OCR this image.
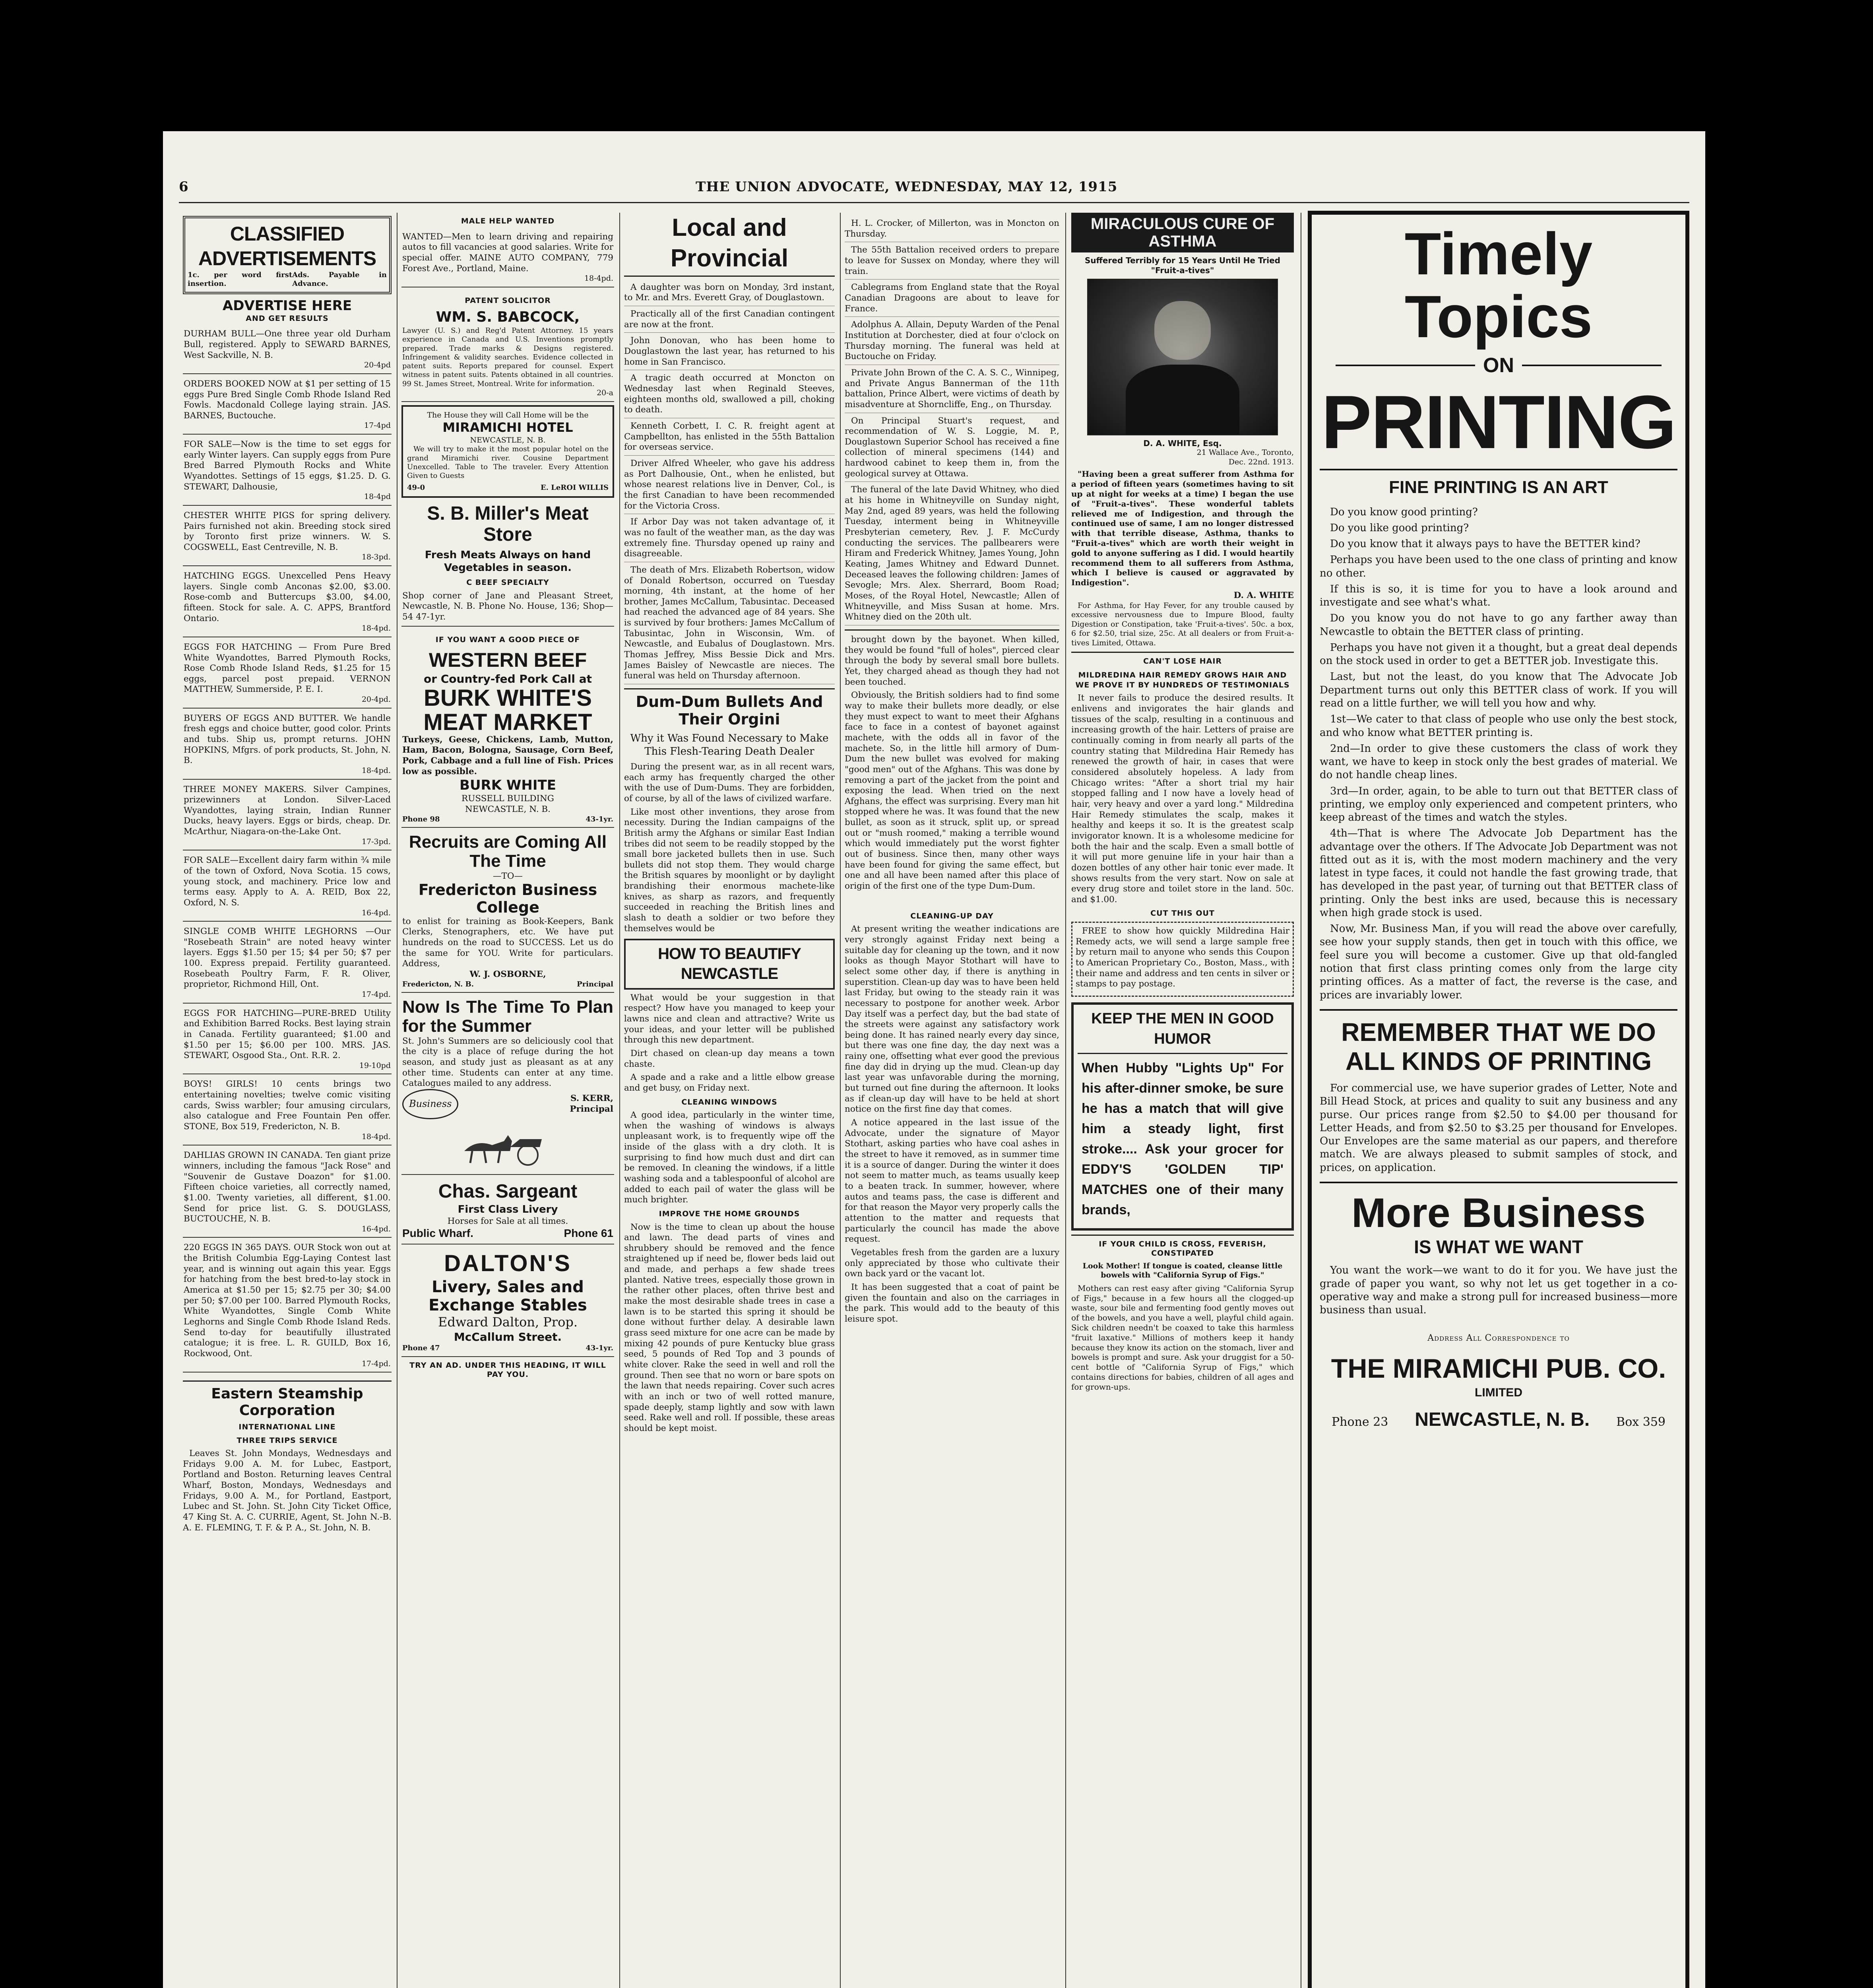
6	THE UNION ADVOCATE, WEDNESDAY, MAY 12, 1915
CLASSIFIED ADVERTISEMENTS
1c. per word first insertion.
Ads. Payable in Advance.
ADVERTISE HERE
AND GET RESULTS

DURHAM BULL—One three year old Durham Bull, registered. Apply to SEWARD BARNES, West Sackville, N. B.

20-4pd

ORDERS BOOKED NOW at $1 per setting of 15 eggs Pure Bred Single Comb Rhode Island Red Fowls. Macdonald College laying strain. JAS. BARNES, Buctouche.

17-4pd

FOR SALE—Now is the time to set eggs for early Winter layers. Can supply eggs from Pure Bred Barred Plymouth Rocks and White Wyandottes. Settings of 15 eggs, $1.25. D. G. STEWART, Dalhousie,

18-4pd

CHESTER WHITE PIGS for spring delivery. Pairs furnished not akin. Breeding stock sired by Toronto first prize winners. W. S. COGSWELL, East Centreville, N. B.

18-3pd.

HATCHING EGGS. Unexcelled Pens Heavy layers. Single comb Anconas $2.00, $3.00. Rose-comb and Buttercups $3.00, $4.00, fifteen. Stock for sale. A. C. APPS, Brantford Ontario.

18-4pd.

EGGS FOR HATCHING — From Pure Bred White Wyandottes, Barred Plymouth Rocks, Rose Comb Rhode Island Reds, $1.25 for 15 eggs, parcel post prepaid. VERNON MATTHEW, Summerside, P. E. I.

20-4pd.

BUYERS OF EGGS AND BUTTER. We handle fresh eggs and choice butter, good color. Prints and tubs. Ship us, prompt returns. JOHN HOPKINS, Mfgrs. of pork products, St. John, N. B.

18-4pd.

THREE MONEY MAKERS. Silver Campines, prizewinners at London. Silver-Laced Wyandottes, laying strain, Indian Runner Ducks, heavy layers. Eggs or birds, cheap. Dr. McArthur, Niagara-on-the-Lake Ont.

17-3pd.

FOR SALE—Excellent dairy farm within ¾ mile of the town of Oxford, Nova Scotia. 15 cows, young stock, and machinery. Price low and terms easy. Apply to A. A. REID, Box 22, Oxford, N. S.

16-4pd.

SINGLE COMB WHITE LEGHORNS —Our "Rosebeath Strain" are noted heavy winter layers. Eggs $1.50 per 15; $4 per 50; $7 per 100. Express prepaid. Fertility guaranteed. Rosebeath Poultry Farm, F. R. Oliver, proprietor, Richmond Hill, Ont.

17-4pd.

EGGS FOR HATCHING—PURE-BRED Utility and Exhibition Barred Rocks. Best laying strain in Canada. Fertility guaranteed; $1.00 and $1.50 per 15; $6.00 per 100. MRS. JAS. STEWART, Osgood Sta., Ont. R.R. 2.

19-10pd

BOYS! GIRLS! 10 cents brings two entertaining novelties; twelve comic visiting cards, Swiss warbler; four amusing circulars, also catalogue and Free Fountain Pen offer. STONE, Box 519, Fredericton, N. B.

18-4pd.

DAHLIAS GROWN IN CANADA. Ten giant prize winners, including the famous "Jack Rose" and "Souvenir de Gustave Doazon" for $1.00. Fifteen choice varieties, all correctly named, $1.00. Twenty varieties, all different, $1.00. Send for price list. G. S. DOUGLASS, BUCTOUCHE, N. B.

16-4pd.

220 EGGS IN 365 DAYS. OUR Stock won out at the British Columbia Egg-Laying Contest last year, and is winning out again this year. Eggs for hatching from the best bred-to-lay stock in America at $1.50 per 15; $2.75 per 30; $4.00 per 50; $7.00 per 100. Barred Plymouth Rocks, White Wyandottes, Single Comb White Leghorns and Single Comb Rhode Island Reds. Send to-day for beautifully illustrated catalogue; it is free. L. R. GUILD, Box 16, Rockwood, Ont.

17-4pd.
Eastern Steamship Corporation
INTERNATIONAL LINE
THREE TRIPS SERVICE

Leaves St. John Mondays, Wednesdays and Fridays 9.00 A. M. for Lubec, Eastport, Portland and Boston. Returning leaves Central Wharf, Boston, Mondays, Wednesdays and Fridays, 9.00 A. M., for Portland, Eastport, Lubec and St. John. St. John City Ticket Office, 47 King St. A. C. CURRIE, Agent, St. John N.-B. A. E. FLEMING, T. F. & P. A., St. John, N. B.

MALE HELP WANTED

WANTED—Men to learn driving and repairing autos to fill vacancies at good salaries. Write for special offer. MAINE AUTO COMPANY, 779 Forest Ave., Portland, Maine.

18-4pd.
PATENT SOLICITOR
WM. S. BABCOCK,

Lawyer (U. S.) and Reg'd Patent Attorney. 15 years experience in Canada and U.S. Inventions promptly prepared. Trade marks & Designs registered. Infringement & validity searches. Evidence collected in patent suits. Reports prepared for counsel. Expert witness in patent suits. Patents obtained in all countries. 99 St. James Street, Montreal. Write for information.

20-a
The House they will Call Home will be the
MIRAMICHI HOTEL
NEWCASTLE, N. B.

We will try to make it the most popular hotel on the grand Miramichi river. Cousine Department Unexcelled. Table to The traveler. Every Attention Given to Guests

49-0	E. LeROI WILLIS
S. B. Miller's Meat Store
Fresh Meats Always on hand Vegetables in season.
C BEEF SPECIALTY

Shop corner of Jane and Pleasant Street, Newcastle, N. B. Phone No. House, 136; Shop—54 47-1yr.

IF YOU WANT A GOOD PIECE OF
WESTERN BEEF
or Country-fed Pork Call at
BURK WHITE'S MEAT MARKET

Turkeys, Geese, Chickens, Lamb, Mutton, Ham, Bacon, Bologna, Sausage, Corn Beef, Pork, Cabbage and a full line of Fish. Prices low as possible.

BURK WHITE
RUSSELL BUILDING
NEWCASTLE, N. B.
Phone 98	43-1yr.
Recruits are Coming All The Time
—TO—
Fredericton Business College

to enlist for training as Book-Keepers, Bank Clerks, Stenographers, etc. We have put hundreds on the road to SUCCESS. Let us do the same for YOU. Write for particulars. Address,

W. J. OSBORNE,
Fredericton, N. B.	Principal
Now Is The Time To Plan for the Summer

St. John's Summers are so deliciously cool that the city is a place of refuge during the hot season, and study just as pleasant as at any other time. Students can enter at any time. Catalogues mailed to any address.

Business	S. KERR,
Principal
Chas. Sargeant
First Class Livery
Horses for Sale at all times.
Public Wharf.	Phone 61
DALTON'S
Livery, Sales and Exchange Stables
Edward Dalton, Prop.
McCallum Street.
Phone 47	43-1yr.
TRY AN AD. UNDER THIS HEADING, IT WILL PAY YOU.
Local and Provincial

A daughter was born on Monday, 3rd instant, to Mr. and Mrs. Everett Gray, of Douglastown.

Practically all of the first Canadian contingent are now at the front.

John Donovan, who has been home to Douglastown the last year, has returned to his home in San Francisco.

A tragic death occurred at Moncton on Wednesday last when Reginald Steeves, eighteen months old, swallowed a pill, choking to death.

Kenneth Corbett, I. C. R. freight agent at Campbellton, has enlisted in the 55th Battalion for overseas service.

Driver Alfred Wheeler, who gave his address as Port Dalhousie, Ont., when he enlisted, but whose nearest relations live in Denver, Col., is the first Canadian to have been recommended for the Victoria Cross.

If Arbor Day was not taken advantage of, it was no fault of the weather man, as the day was extremely fine. Thursday opened up rainy and disagreeable.

The death of Mrs. Elizabeth Robertson, widow of Donald Robertson, occurred on Tuesday morning, 4th instant, at the home of her brother, James McCallum, Tabusintac. Deceased had reached the advanced age of 84 years. She is survived by four brothers: James McCallum of Tabusintac, John in Wisconsin, Wm. of Newcastle, and Eubalus of Douglastown. Mrs. Thomas Jeffrey, Miss Bessie Dick and Mrs. James Baisley of Newcastle are nieces. The funeral was held on Thursday afternoon.

Dum-Dum Bullets And Their Orgini
Why it Was Found Necessary to Make This Flesh-Tearing Death Dealer

During the present war, as in all recent wars, each army has frequently charged the other with the use of Dum-Dums. They are forbidden, of course, by all of the laws of civilized warfare.

Like most other inventions, they arose from necessity. During the Indian campaigns of the British army the Afghans or similar East Indian tribes did not seem to be readily stopped by the small bore jacketed bullets then in use. Such bullets did not stop them. They would charge the British squares by moonlight or by daylight brandishing their enormous machete-like knives, as sharp as razors, and frequently succeeded in reaching the British lines and slash to death a soldier or two before they themselves would be

HOW TO BEAUTIFY NEWCASTLE

What would be your suggestion in that respect? How have you managed to keep your lawns nice and clean and attractive? Write us your ideas, and your letter will be published through this new department.

Dirt chased on clean-up day means a town chaste.

A spade and a rake and a little elbow grease and get busy, on Friday next.

CLEANING WINDOWS

A good idea, particularly in the winter time, when the washing of windows is always unpleasant work, is to frequently wipe off the inside of the glass with a dry cloth. It is surprising to find how much dust and dirt can be removed. In cleaning the windows, if a little washing soda and a tablespoonful of alcohol are added to each pail of water the glass will be much brighter.

IMPROVE THE HOME GROUNDS

Now is the time to clean up about the house and lawn. The dead parts of vines and shrubbery should be removed and the fence straightened up if need be, flower beds laid out and made, and perhaps a few shade trees planted. Native trees, especially those grown in the rather other places, often thrive best and make the most desirable shade trees in case a lawn is to be started this spring it should be done without further delay. A desirable lawn grass seed mixture for one acre can be made by mixing 42 pounds of pure Kentucky blue grass seed, 5 pounds of Red Top and 3 pounds of white clover. Rake the seed in well and roll the ground. Then see that no worn or bare spots on the lawn that needs repairing. Cover such acres with an inch or two of well rotted manure, spade deeply, stamp lightly and sow with lawn seed. Rake well and roll. If possible, these areas should be kept moist.

H. L. Crocker, of Millerton, was in Moncton on Thursday.

The 55th Battalion received orders to prepare to leave for Sussex on Monday, where they will train.

Cablegrams from England state that the Royal Canadian Dragoons are about to leave for France.

Adolphus A. Allain, Deputy Warden of the Penal Institution at Dorchester, died at four o'clock on Thursday morning. The funeral was held at Buctouche on Friday.

Private John Brown of the C. A. S. C., Winnipeg, and Private Angus Bannerman of the 11th battalion, Prince Albert, were victims of death by misadventure at Shorncliffe, Eng., on Thursday.

On Principal Stuart's request, and recommendation of W. S. Loggie, M. P., Douglastown Superior School has received a fine collection of mineral specimens (144) and hardwood cabinet to keep them in, from the geological survey at Ottawa.

The funeral of the late David Whitney, who died at his home in Whitneyville on Sunday night, May 2nd, aged 89 years, was held the following Tuesday, interment being in Whitneyville Presbyterian cemetery, Rev. J. F. McCurdy conducting the services. The pallbearers were Hiram and Frederick Whitney, James Young, John Keating, James Whitney and Edward Dunnet. Deceased leaves the following children: James of Sevogle; Mrs. Alex. Sherrard, Boom Road; Moses, of the Royal Hotel, Newcastle; Allen of Whitneyville, and Miss Susan at home. Mrs. Whitney died on the 20th ult.

brought down by the bayonet. When killed, they would be found "full of holes", pierced clear through the body by several small bore bullets. Yet, they charged ahead as though they had not been touched.

Obviously, the British soldiers had to find some way to make their bullets more deadly, or else they must expect to want to meet their Afghans face to face in a contest of bayonet against machete, with the odds all in favor of the machete. So, in the little hill armory of Dum-Dum the new bullet was evolved for making "good men" out of the Afghans. This was done by removing a part of the jacket from the point and exposing the lead. When tried on the next Afghans, the effect was surprising. Every man hit stopped where he was. It was found that the new bullet, as soon as it struck, split up, or spread out or "mush roomed," making a terrible wound which would immediately put the worst fighter out of business. Since then, many other ways have been found for giving the same effect, but one and all have been named after this place of origin of the first one of the type Dum-Dum.

CLEANING-UP DAY

At present writing the weather indications are very strongly against Friday next being a suitable day for cleaning up the town, and it now looks as though Mayor Stothart will have to select some other day, if there is anything in superstition. Clean-up day was to have been held last Friday, but owing to the steady rain it was necessary to postpone for another week. Arbor Day itself was a perfect day, but the bad state of the streets were against any satisfactory work being done. It has rained nearly every day since, but there was one fine day, the day next was a rainy one, offsetting what ever good the previous fine day did in drying up the mud. Clean-up day last year was unfavorable during the morning, but turned out fine during the afternoon. It looks as if clean-up day will have to be held at short notice on the first fine day that comes.

A notice appeared in the last issue of the Advocate, under the signature of Mayor Stothart, asking parties who have coal ashes in the street to have it removed, as in summer time it is a source of danger. During the winter it does not seem to matter much, as teams usually keep to a beaten track. In summer, however, where autos and teams pass, the case is different and for that reason the Mayor very properly calls the attention to the matter and requests that particularly the council has made the above request.

Vegetables fresh from the garden are a luxury only appreciated by those who cultivate their own back yard or the vacant lot.

It has been suggested that a coat of paint be given the fountain and also on the carriages in the park. This would add to the beauty of this leisure spot.

MIRACULOUS CURE OF ASTHMA
Suffered Terribly for 15 Years Until He Tried "Fruit-a-tives"
D. A. WHITE, Esq.
21 Wallace Ave., Toronto,
Dec. 22nd. 1913.

"Having been a great sufferer from Asthma for a period of fifteen years (sometimes having to sit up at night for weeks at a time) I began the use of "Fruit-a-tives". These wonderful tablets relieved me of Indigestion, and through the continued use of same, I am no longer distressed with that terrible disease, Asthma, thanks to "Fruit-a-tives" which are worth their weight in gold to anyone suffering as I did. I would heartily recommend them to all sufferers from Asthma, which I believe is caused or aggravated by Indigestion".

D. A. WHITE

For Asthma, for Hay Fever, for any trouble caused by excessive nervousness due to Impure Blood, faulty Digestion or Constipation, take 'Fruit-a-tives'. 50c. a box, 6 for $2.50, trial size, 25c. At all dealers or from Fruit-a-tives Limited, Ottawa.

CAN'T LOSE HAIR
MILDREDINA HAIR REMEDY GROWS HAIR AND WE PROVE IT BY HUNDREDS OF TESTIMONIALS

It never fails to produce the desired results. It enlivens and invigorates the hair glands and tissues of the scalp, resulting in a continuous and increasing growth of the hair. Letters of praise are continually coming in from nearly all parts of the country stating that Mildredina Hair Remedy has renewed the growth of hair, in cases that were considered absolutely hopeless. A lady from Chicago writes: "After a short trial my hair stopped falling and I now have a lovely head of hair, very heavy and over a yard long." Mildredina Hair Remedy stimulates the scalp, makes it healthy and keeps it so. It is the greatest scalp invigorator known. It is a wholesome medicine for both the hair and the scalp. Even a small bottle of it will put more genuine life in your hair than a dozen bottles of any other hair tonic ever made. It shows results from the very start. Now on sale at every drug store and toilet store in the land. 50c. and $1.00.

CUT THIS OUT

FREE to show how quickly Mildredina Hair Remedy acts, we will send a large sample free by return mail to anyone who sends this Coupon to American Proprietary Co., Boston, Mass., with their name and address and ten cents in silver or stamps to pay postage.

KEEP THE MEN IN GOOD HUMOR
When Hubby "Lights Up" For his after-dinner smoke, be sure he has a match that will give him a steady light, first stroke.... Ask your grocer for EDDY'S 'GOLDEN TIP' MATCHES one of their many brands,
IF YOUR CHILD IS CROSS, FEVERISH, CONSTIPATED
Look Mother! If tongue is coated, cleanse little bowels with "California Syrup of Figs."

Mothers can rest easy after giving "California Syrup of Figs," because in a few hours all the clogged-up waste, sour bile and fermenting food gently moves out of the bowels, and you have a well, playful child again. Sick children needn't be coaxed to take this harmless "fruit laxative." Millions of mothers keep it handy because they know its action on the stomach, liver and bowels is prompt and sure. Ask your druggist for a 50-cent bottle of "California Syrup of Figs," which contains directions for babies, children of all ages and for grown-ups.

Timely Topics
ON
PRINTING
FINE PRINTING IS AN ART

Do you know good printing?

Do you like good printing?

Do you know that it always pays to have the BETTER kind?

Perhaps you have been used to the one class of printing and know no other.

If this is so, it is time for you to have a look around and investigate and see what's what.

Do you know you do not have to go any farther away than Newcastle to obtain the BETTER class of printing.

Perhaps you have not given it a thought, but a great deal depends on the stock used in order to get a BETTER job. Investigate this.

Last, but not the least, do you know that The Advocate Job Department turns out only this BETTER class of work. If you will read on a little further, we will tell you how and why.

1st—We cater to that class of people who use only the best stock, and who know what BETTER printing is.

2nd—In order to give these customers the class of work they want, we have to keep in stock only the best grades of material. We do not handle cheap lines.

3rd—In order, again, to be able to turn out that BETTER class of printing, we employ only experienced and competent printers, who keep abreast of the times and watch the styles.

4th—That is where The Advocate Job Department has the advantage over the others. If The Advocate Job Department was not fitted out as it is, with the most modern machinery and the very latest in type faces, it could not handle the fast growing trade, that has developed in the past year, of turning out that BETTER class of printing. Only the best inks are used, because this is necessary when high grade stock is used.

Now, Mr. Business Man, if you will read the above over carefully, see how your supply stands, then get in touch with this office, we feel sure you will become a customer. Give up that old-fangled notion that first class printing comes only from the large city printing offices. As a matter of fact, the reverse is the case, and prices are invariably lower.

REMEMBER THAT WE DO ALL KINDS OF PRINTING

For commercial use, we have superior grades of Letter, Note and Bill Head Stock, at prices and quality to suit any business and any purse. Our prices range from $2.50 to $4.00 per thousand for Letter Heads, and from $2.50 to $3.25 per thousand for Envelopes. Our Envelopes are the same material as our papers, and therefore match. We are always pleased to submit samples of stock, and prices, on application.

More Business
IS WHAT WE WANT

You want the work—we want to do it for you. We have just the grade of paper you want, so why not let us get together in a co-operative way and make a strong pull for increased business—more business than usual.

Address All Correspondence to
THE MIRAMICHI PUB. CO.
LIMITED
Phone 23 NEWCASTLE, N. B. Box 359
